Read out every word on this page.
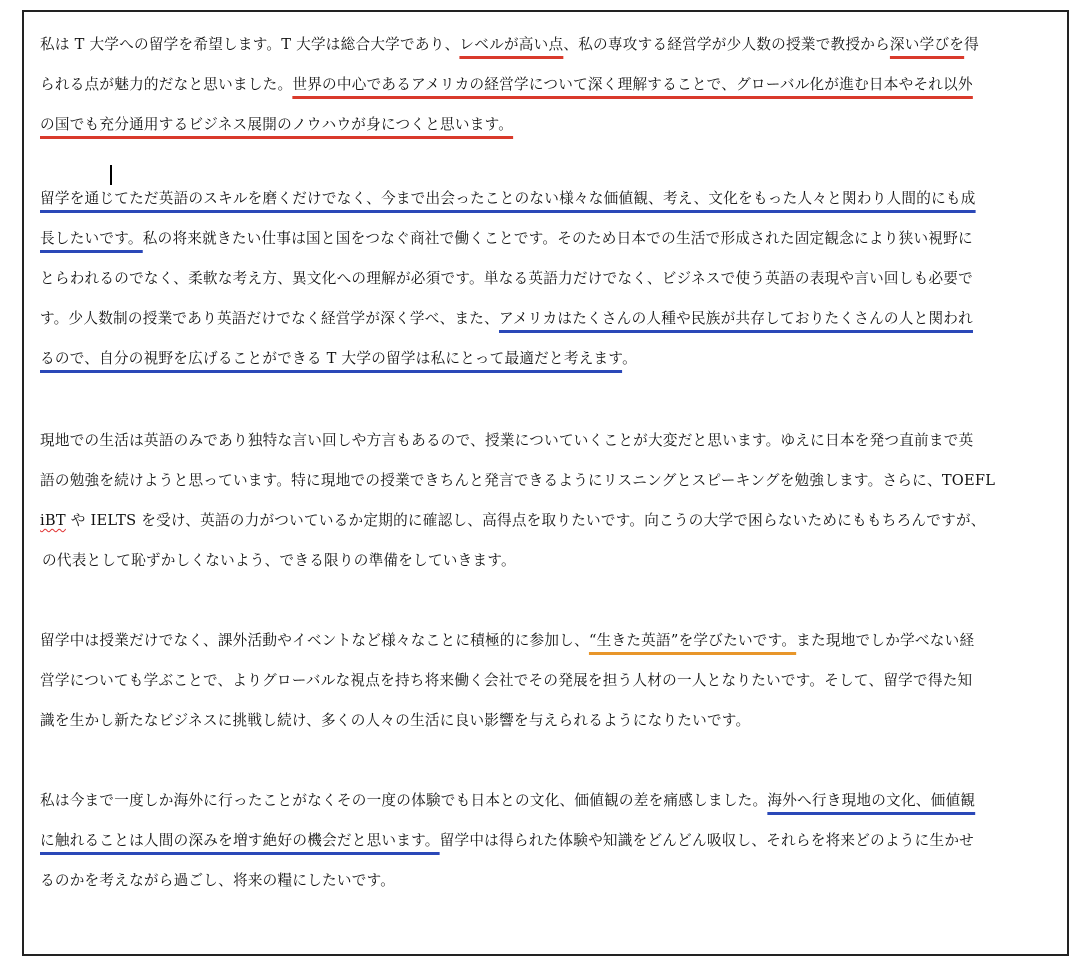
私は T 大学への留学を希望します。T 大学は総合大学であり、レベルが高い点、私の専攻する経営学が少人数の授業で教授から深い学びを得
られる点が魅力的だなと思いました。世界の中心であるアメリカの経営学について深く理解することで、グローバル化が進む日本やそれ以外
の国でも充分通用するビジネス展開のノウハウが身につくと思います。
留学を通じてただ英語のスキルを磨くだけでなく、今まで出会ったことのない様々な価値観、考え、文化をもった人々と関わり人間的にも成
長したいです。私の将来就きたい仕事は国と国をつなぐ商社で働くことです。そのため日本での生活で形成された固定観念により狭い視野に
とらわれるのでなく、柔軟な考え方、異文化への理解が必須です。単なる英語力だけでなく、ビジネスで使う英語の表現や言い回しも必要で
す。少人数制の授業であり英語だけでなく経営学が深く学べ、また、アメリカはたくさんの人種や民族が共存しておりたくさんの人と関われ
るので、自分の視野を広げることができる T 大学の留学は私にとって最適だと考えます。
現地での生活は英語のみであり独特な言い回しや方言もあるので、授業についていくことが大変だと思います。ゆえに日本を発つ直前まで英
語の勉強を続けようと思っています。特に現地での授業できちんと発言できるようにリスニングとスピーキングを勉強します。さらに、TOEFL
iBT や IELTS を受け、英語の力がついているか定期的に確認し、高得点を取りたいです。向こうの大学で困らないためにももちろんですが、
の代表として恥ずかしくないよう、できる限りの準備をしていきます。
留学中は授業だけでなく、課外活動やイベントなど様々なことに積極的に参加し、“生きた英語”を学びたいです。また現地でしか学べない経
営学についても学ぶことで、よりグローバルな視点を持ち将来働く会社でその発展を担う人材の一人となりたいです。そして、留学で得た知
識を生かし新たなビジネスに挑戦し続け、多くの人々の生活に良い影響を与えられるようになりたいです。
私は今まで一度しか海外に行ったことがなくその一度の体験でも日本との文化、価値観の差を痛感しました。海外へ行き現地の文化、価値観
に触れることは人間の深みを増す絶好の機会だと思います。留学中は得られた体験や知識をどんどん吸収し、それらを将来どのように生かせ
るのかを考えながら過ごし、将来の糧にしたいです。
